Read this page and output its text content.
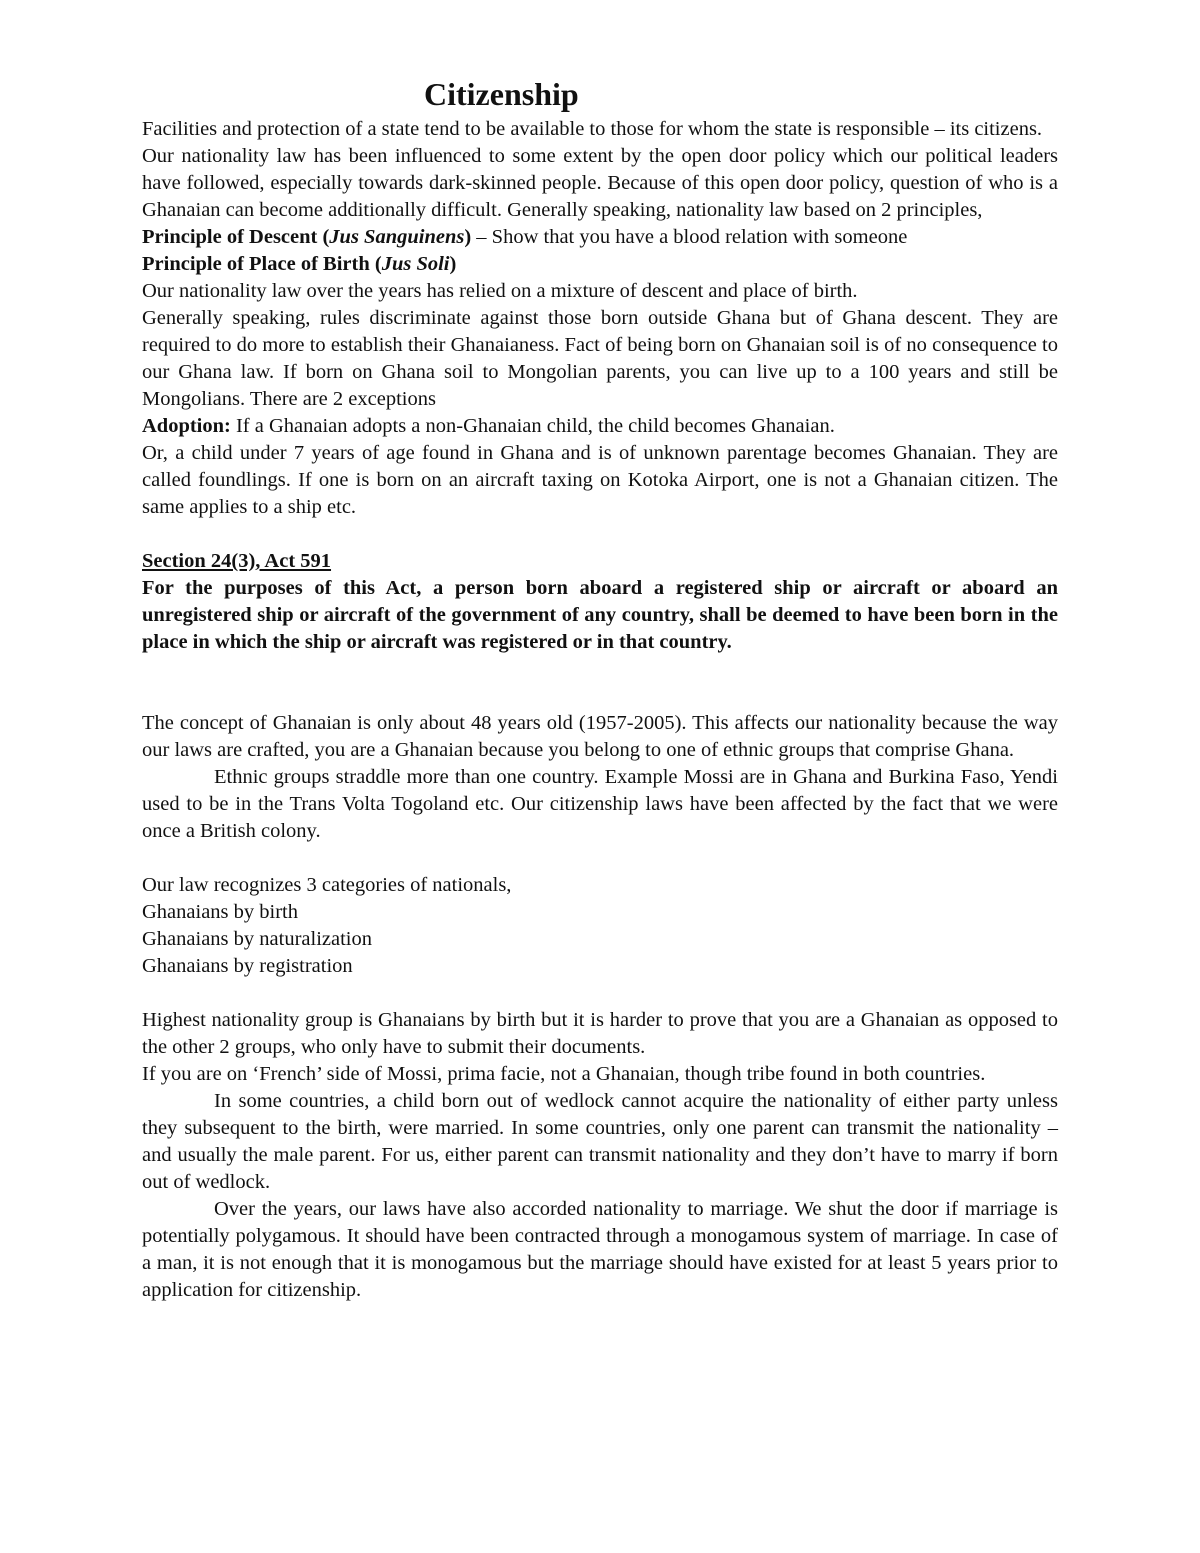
Citizenship

Facilities and protection of a state tend to be available to those for whom the state is responsible – its citizens.

Our nationality law has been influenced to some extent by the open door policy which our political leaders have followed, especially towards dark-skinned people. Because of this open door policy, question of who is a Ghanaian can become additionally difficult. Generally speaking, nationality law based on 2 principles,

Principle of Descent (Jus Sanguinens) – Show that you have a blood relation with someone

Principle of Place of Birth (Jus Soli)

Our nationality law over the years has relied on a mixture of descent and place of birth.

Generally speaking, rules discriminate against those born outside Ghana but of Ghana descent. They are required to do more to establish their Ghanaianess. Fact of being born on Ghanaian soil is of no consequence to our Ghana law. If born on Ghana soil to Mongolian parents, you can live up to a 100 years and still be Mongolians. There are 2 exceptions

Adoption: If a Ghanaian adopts a non-Ghanaian child, the child becomes Ghanaian.

Or, a child under 7 years of age found in Ghana and is of unknown parentage becomes Ghanaian. They are called foundlings. If one is born on an aircraft taxing on Kotoka Airport, one is not a Ghanaian citizen. The same applies to a ship etc.

Section 24(3), Act 591

For the purposes of this Act, a person born aboard a registered ship or aircraft or aboard an unregistered ship or aircraft of the government of any country, shall be deemed to have been born in the place in which the ship or aircraft was registered or in that country.

The concept of Ghanaian is only about 48 years old (1957-2005). This affects our nationality because the way our laws are crafted, you are a Ghanaian because you belong to one of ethnic groups that comprise Ghana.

Ethnic groups straddle more than one country. Example Mossi are in Ghana and Burkina Faso, Yendi used to be in the Trans Volta Togoland etc. Our citizenship laws have been affected by the fact that we were once a British colony.

Our law recognizes 3 categories of nationals,

Ghanaians by birth

Ghanaians by naturalization

Ghanaians by registration

Highest nationality group is Ghanaians by birth but it is harder to prove that you are a Ghanaian as opposed to the other 2 groups, who only have to submit their documents.

If you are on ‘French’ side of Mossi, prima facie, not a Ghanaian, though tribe found in both countries.

In some countries, a child born out of wedlock cannot acquire the nationality of either party unless they subsequent to the birth, were married. In some countries, only one parent can transmit the nationality – and usually the male parent. For us, either parent can transmit nationality and they don’t have to marry if born out of wedlock.

Over the years, our laws have also accorded nationality to marriage. We shut the door if marriage is potentially polygamous. It should have been contracted through a monogamous system of marriage. In case of a man, it is not enough that it is monogamous but the marriage should have existed for at least 5 years prior to application for citizenship.
